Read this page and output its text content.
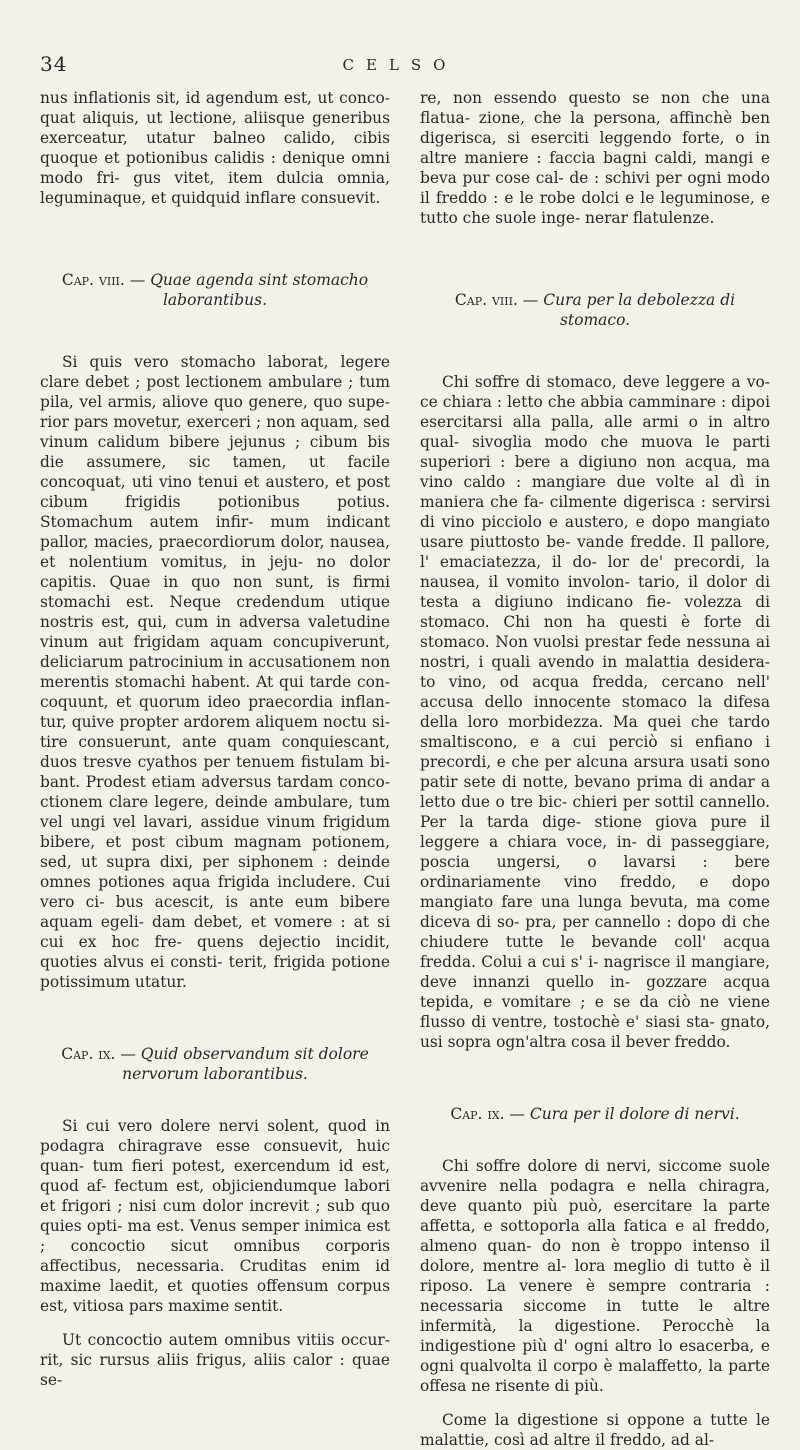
34	CELSO

nus inflationis sit, id agendum est, ut conco- quat aliquis, ut lectione, aliisque generibus exerceatur, utatur balneo calido, cibis quoque et potionibus calidis : denique omni modo fri- gus vitet, item dulcia omnia, leguminaque, et quidquid inflare consuevit.

Cap. viii. — Quae agenda sint stomacho laborantibus.

Si quis vero stomacho laborat, legere clare debet ; post lectionem ambulare ; tum pila, vel armis, aliove quo genere, quo supe- rior pars movetur, exerceri ; non aquam, sed vinum calidum bibere jejunus ; cibum bis die assumere, sic tamen, ut facile concoquat, uti vino tenui et austero, et post cibum frigidis potionibus potius. Stomachum autem infir- mum indicant pallor, macies, praecordiorum dolor, nausea, et nolentium vomitus, in jeju- no dolor capitis. Quae in quo non sunt, is firmi stomachi est. Neque credendum utique nostris est, qui, cum in adversa valetudine vinum aut frigidam aquam concupiverunt, deliciarum patrocinium in accusationem non merentis stomachi habent. At qui tarde con- coquunt, et quorum ideo praecordia inflan- tur, quive propter ardorem aliquem noctu si- tire consuerunt, ante quam conquiescant, duos tresve cyathos per tenuem fistulam bi- bant. Prodest etiam adversus tardam conco- ctionem clare legere, deinde ambulare, tum vel ungi vel lavari, assidue vinum frigidum bibere, et post cibum magnam potionem, sed, ut supra dixi, per siphonem : deinde omnes potiones aqua frigida includere. Cui vero ci- bus acescit, is ante eum bibere aquam egeli- dam debet, et vomere : at si cui ex hoc fre- quens dejectio incidit, quoties alvus ei consti- terit, frigida potione potissimum utatur.

Cap. ix. — Quid observandum sit dolore nervorum laborantibus.

Si cui vero dolere nervi solent, quod in podagra chiragrave esse consuevit, huic quan- tum fieri potest, exercendum id est, quod af- fectum est, objiciendumque labori et frigori ; nisi cum dolor increvit ; sub quo quies opti- ma est. Venus semper inimica est ; concoctio sicut omnibus corporis affectibus, necessaria. Cruditas enim id maxime laedit, et quoties offensum corpus est, vitiosa pars maxime sentit.

Ut concoctio autem omnibus vitiis occur- rit, sic rursus aliis frigus, aliis calor : quae se-

re, non essendo questo se non che una flatua- zione, che la persona, affinchè ben digerisca, si eserciti leggendo forte, o in altre maniere : faccia bagni caldi, mangi e beva pur cose cal- de : schivi per ogni modo il freddo : e le robe dolci e le leguminose, e tutto che suole inge- nerar flatulenze.

Cap. viii. — Cura per la debolezza di stomaco.

Chi soffre di stomaco, deve leggere a vo- ce chiara : letto che abbia camminare : dipoi esercitarsi alla palla, alle armi o in altro qual- sivoglia modo che muova le parti superiori : bere a digiuno non acqua, ma vino caldo : mangiare due volte al dì in maniera che fa- cilmente digerisca : servirsi di vino picciolo e austero, e dopo mangiato usare piuttosto be- vande fredde. Il pallore, l' emaciatezza, il do- lor de' precordi, la nausea, il vomito involon- tario, il dolor di testa a digiuno indicano fie- volezza di stomaco. Chi non ha questi è forte di stomaco. Non vuolsi prestar fede nessuna ai nostri, i quali avendo in malattia desidera- to vino, od acqua fredda, cercano nell' accusa dello innocente stomaco la difesa della loro morbidezza. Ma quei che tardo smaltiscono, e a cui perciò si enfiano i precordi, e che per alcuna arsura usati sono patir sete di notte, bevano prima di andar a letto due o tre bic- chieri per sottil cannello. Per la tarda dige- stione giova pure il leggere a chiara voce, in- di passeggiare, poscia ungersi, o lavarsi : bere ordinariamente vino freddo, e dopo mangiato fare una lunga bevuta, ma come diceva di so- pra, per cannello : dopo di che chiudere tutte le bevande coll' acqua fredda. Colui a cui s' i- nagrisce il mangiare, deve innanzi quello in- gozzare acqua tepida, e vomitare ; e se da ciò ne viene flusso di ventre, tostochè e' siasi sta- gnato, usi sopra ogn'altra cosa il bever freddo.

Cap. ix. — Cura per il dolore di nervi.

Chi soffre dolore di nervi, siccome suole avvenire nella podagra e nella chiragra, deve quanto più può, esercitare la parte affetta, e sottoporla alla fatica e al freddo, almeno quan- do non è troppo intenso il dolore, mentre al- lora meglio di tutto è il riposo. La venere è sempre contraria : necessaria siccome in tutte le altre infermità, la digestione. Perocchè la indigestione più d' ogni altro lo esacerba, e ogni qualvolta il corpo è malaffetto, la parte offesa ne risente di più.

Come la digestione si oppone a tutte le malattie, così ad altre il freddo, ad al-
